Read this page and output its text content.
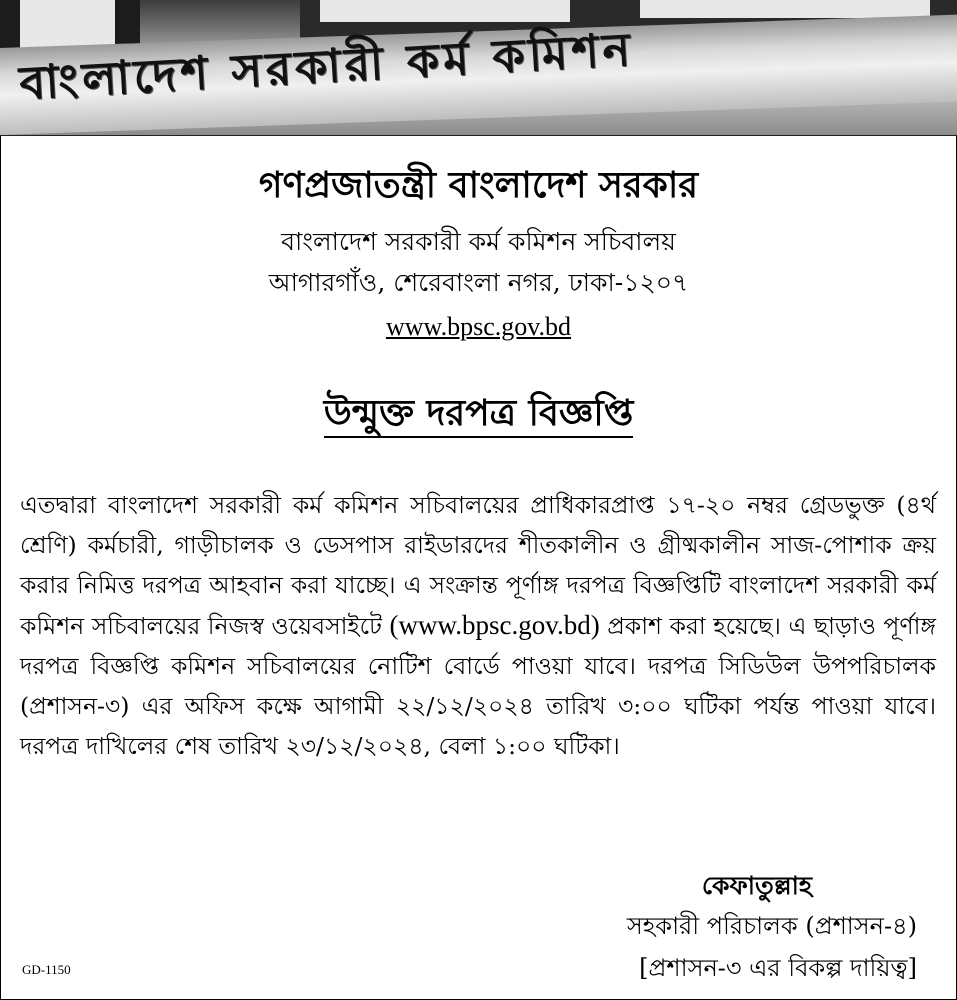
বাংলাদেশ সরকারী কর্ম কমিশন
গণপ্রজাতন্ত্রী বাংলাদেশ সরকার
বাংলাদেশ সরকারী কর্ম কমিশন সচিবালয়
আগারগাঁও, শেরেবাংলা নগর, ঢাকা-১২০৭
www.bpsc.gov.bd
উন্মুক্ত দরপত্র বিজ্ঞপ্তি
এতদ্বারা বাংলাদেশ সরকারী কর্ম কমিশন সচিবালয়ের প্রাধিকারপ্রাপ্ত ১৭-২০ নম্বর গ্রেডভুক্ত (৪র্থ শ্রেণি) কর্মচারী, গাড়ীচালক ও ডেসপাস রাইডারদের শীতকালীন ও গ্রীষ্মকালীন সাজ-পোশাক ক্রয় করার নিমিত্ত দরপত্র আহবান করা যাচ্ছে। এ সংক্রান্ত পূর্ণাঙ্গ দরপত্র বিজ্ঞপ্তিটি বাংলাদেশ সরকারী কর্ম কমিশন সচিবালয়ের নিজস্ব ওয়েবসাইটে (www.bpsc.gov.bd) প্রকাশ করা হয়েছে। এ ছাড়াও পূর্ণাঙ্গ দরপত্র বিজ্ঞপ্তি কমিশন সচিবালয়ের নোটিশ বোর্ডে পাওয়া যাবে। দরপত্র সিডিউল উপপরিচালক (প্রশাসন-৩) এর অফিস কক্ষে আগামী ২২/১২/২০২৪ তারিখ ৩:০০ ঘটিকা পর্যন্ত পাওয়া যাবে। দরপত্র দাখিলের শেষ তারিখ ২৩/১২/২০২৪, বেলা ১:০০ ঘটিকা।
কেফাতুল্লাহ
সহকারী পরিচালক (প্রশাসন-৪)
[প্রশাসন-৩ এর বিকল্প দায়িত্ব]
GD-1150
